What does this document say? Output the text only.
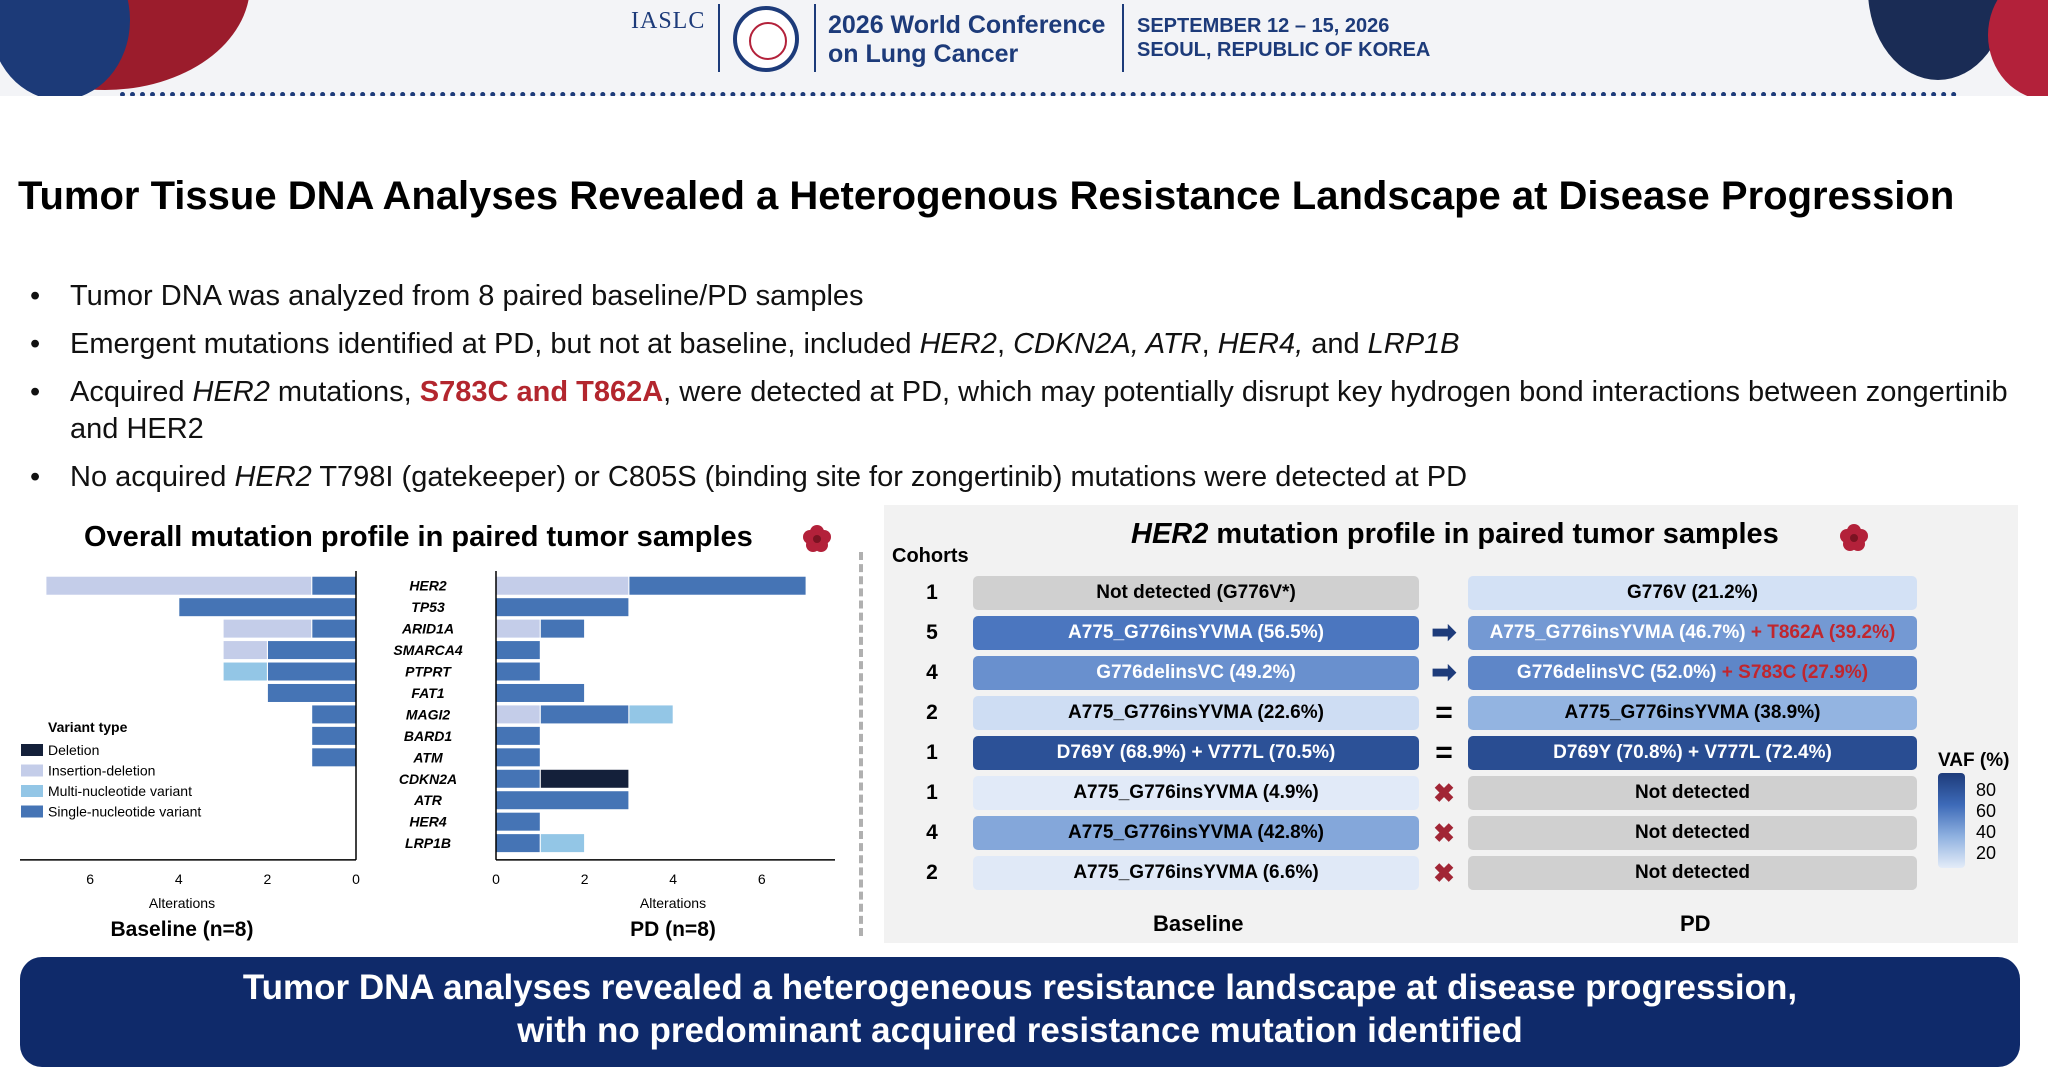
IASLC	2026 World Conference
on Lung Cancer
SEPTEMBER 12 – 15, 2026
SEOUL, REPUBLIC OF KOREA
Tumor Tissue DNA Analyses Revealed a Heterogenous Resistance Landscape at Disease Progression
• Tumor DNA was analyzed from 8 paired baseline/PD samples
• Emergent mutations identified at PD, but not at baseline, included HER2, CDKN2A, ATR, HER4, and LRP1B
• Acquired HER2 mutations, S783C and T862A, were detected at PD, which may potentially disrupt key hydrogen bond interactions between zongertinib and HER2
• No acquired HER2 T798I (gatekeeper) or C805S (binding site for zongertinib) mutations were detected at PD
Overall mutation profile in paired tumor samples
HER2
TP53
ARID1A
SMARCA4
PTPRT
FAT1
MAGI2
BARD1
ATM
CDKN2A
ATR
HER4
LRP1B
6	4	2	0	0	2	4	6
Alterations	Alterations
Baseline (n=8)	PD (n=8)
Variant type
Deletion
Insertion-deletion
Multi-nucleotide variant
Single-nucleotide variant
HER2 mutation profile in paired tumor samples
Cohorts
1	Not detected (G776V*)	G776V (21.2%)
5	A775_G776insYVMA (56.5%)	➡	A775_G776insYVMA (46.7%) + T862A (39.2%)
4	G776delinsVC (49.2%)	➡	G776delinsVC (52.0%) + S783C (27.9%)
2	A775_G776insYVMA (22.6%)	=	A775_G776insYVMA (38.9%)
1	D769Y (68.9%) + V777L (70.5%)	=	D769Y (70.8%) + V777L (72.4%)
1	A775_G776insYVMA (4.9%)	✖	Not detected
4	A775_G776insYVMA (42.8%)	✖	Not detected
2	A775_G776insYVMA (6.6%)	✖	Not detected
Baseline	PD
VAF (%)
80
60
40
20
Tumor DNA analyses revealed a heterogeneous resistance landscape at disease progression,
with no predominant acquired resistance mutation identified
